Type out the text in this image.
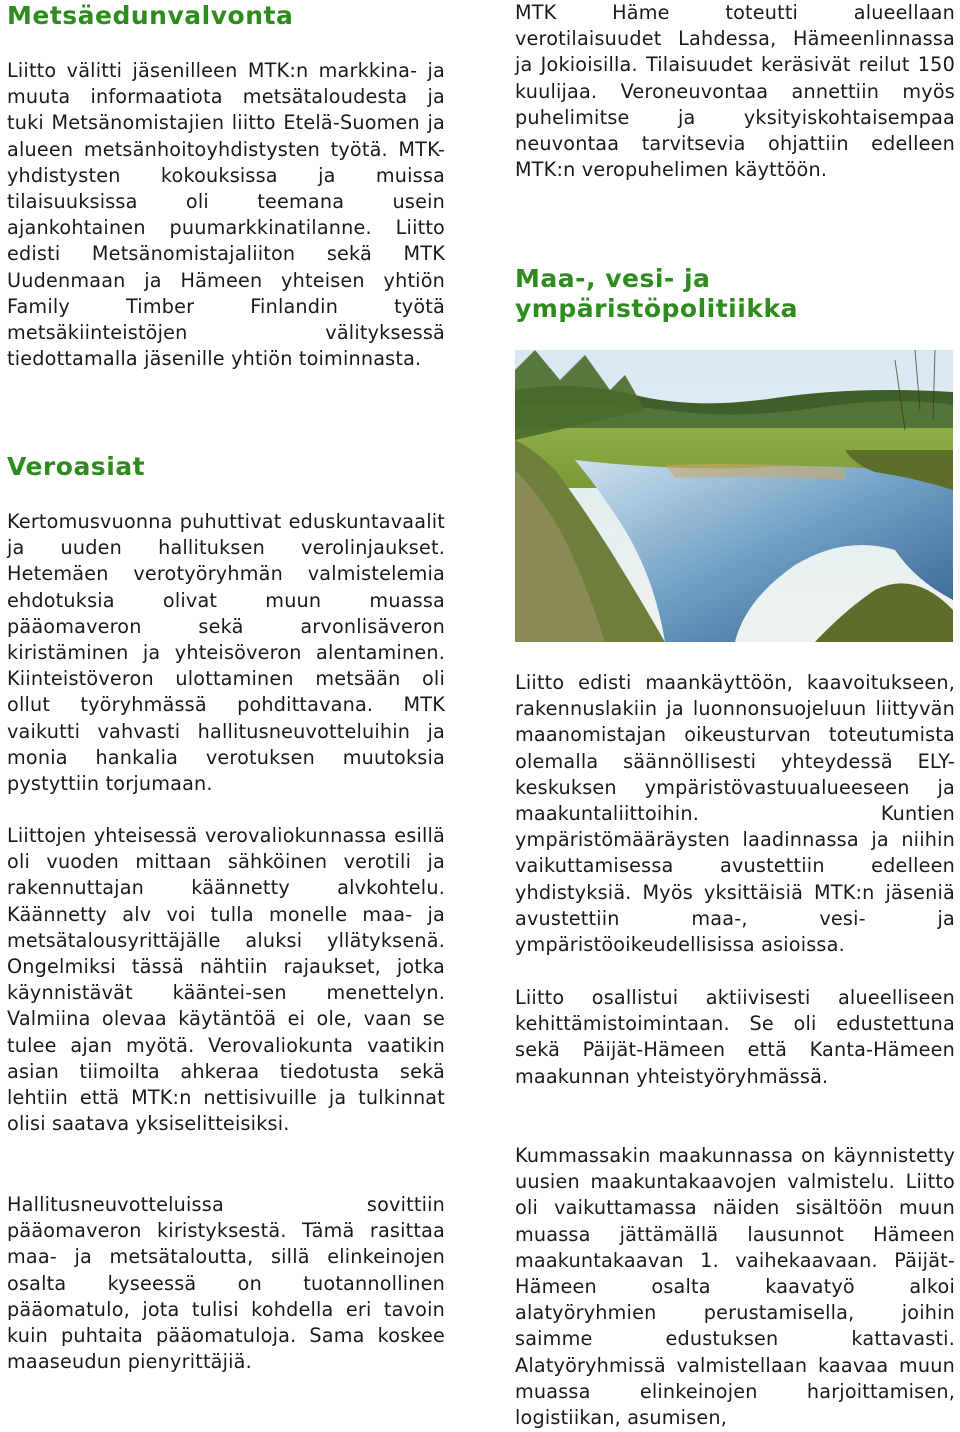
Metsäedunvalvonta

Liitto välitti jäsenilleen MTK:n markkina- ja muuta informaatiota metsätaloudesta ja tuki Metsänomistajien liitto Etelä-Suomen ja alueen metsänhoitoyhdistysten työtä. MTK-yhdistysten kokouksissa ja muissa tilaisuuksissa oli teemana usein ajankohtainen puumarkkinatilanne. Liitto edisti Metsänomistajaliiton sekä MTK Uudenmaan ja Hämeen yhteisen yhtiön Family Timber Finlandin työtä metsäkiinteistöjen välityksessä tiedottamalla jäsenille yhtiön toiminnasta.

Veroasiat

Kertomusvuonna puhuttivat eduskuntavaalit ja uuden hallituksen verolinjaukset. Hetemäen verotyöryhmän valmistelemia ehdotuksia olivat muun muassa pääomaveron sekä arvonlisäveron kiristäminen ja yhteisöveron alentaminen. Kiinteistöveron ulottaminen metsään oli ollut työryhmässä pohdittavana. MTK vaikutti vahvasti hallitusneuvotteluihin ja monia hankalia verotuksen muutoksia pystyttiin torjumaan.

Liittojen yhteisessä verovaliokunnassa esillä oli vuoden mittaan sähköinen verotili ja rakennuttajan käännetty alvkohtelu. Käännetty alv voi tulla monelle maa- ja metsätalousyrittäjälle aluksi yllätyksenä. Ongelmiksi tässä nähtiin rajaukset, jotka käynnistävät kääntei-sen menettelyn. Valmiina olevaa käytäntöä ei ole, vaan se tulee ajan myötä. Verovaliokunta vaatikin asian tiimoilta ahkeraa tiedotusta sekä lehtiin että MTK:n nettisivuille ja tulkinnat olisi saatava yksiselitteisiksi.

Hallitusneuvotteluissa sovittiin pääomaveron kiristyksestä. Tämä rasittaa maa- ja metsätaloutta, sillä elinkeinojen osalta kyseessä on tuotannollinen pääomatulo, jota tulisi kohdella eri tavoin kuin puhtaita pääomatuloja. Sama koskee maaseudun pienyrittäjiä.

MTK Häme toteutti alueellaan verotilaisuudet Lahdessa, Hämeenlinnassa ja Jokioisilla. Tilaisuudet keräsivät reilut 150 kuulijaa. Veroneuvontaa annettiin myös puhelimitse ja yksityiskohtaisempaa neuvontaa tarvitsevia ohjattiin edelleen MTK:n veropuhelimen käyttöön.

Maa-, vesi- ja ympäristöpolitiikka

Liitto edisti maankäyttöön, kaavoitukseen, rakennuslakiin ja luonnonsuojeluun liittyvän maanomistajan oikeusturvan toteutumista olemalla säännöllisesti yhteydessä ELY-keskuksen ympäristövastuualueeseen ja maakuntaliittoihin. Kuntien ympäristömääräysten laadinnassa ja niihin vaikuttamisessa avustettiin edelleen yhdistyksiä. Myös yksittäisiä MTK:n jäseniä avustettiin maa-, vesi- ja ympäristöoikeudellisissa asioissa.

Liitto osallistui aktiivisesti alueelliseen kehittämistoimintaan. Se oli edustettuna sekä Päijät-Hämeen että Kanta-Hämeen maakunnan yhteistyöryhmässä.

Kummassakin maakunnassa on käynnistetty uusien maakuntakaavojen valmistelu. Liitto oli vaikuttamassa näiden sisältöön muun muassa jättämällä lausunnot Hämeen maakuntakaavan 1. vaihekaavaan. Päijät-Hämeen osalta kaavatyö alkoi alatyöryhmien perustamisella, joihin saimme edustuksen kattavasti. Alatyöryhmissä valmistellaan kaavaa muun muassa elinkeinojen harjoittamisen, logistiikan, asumisen,
